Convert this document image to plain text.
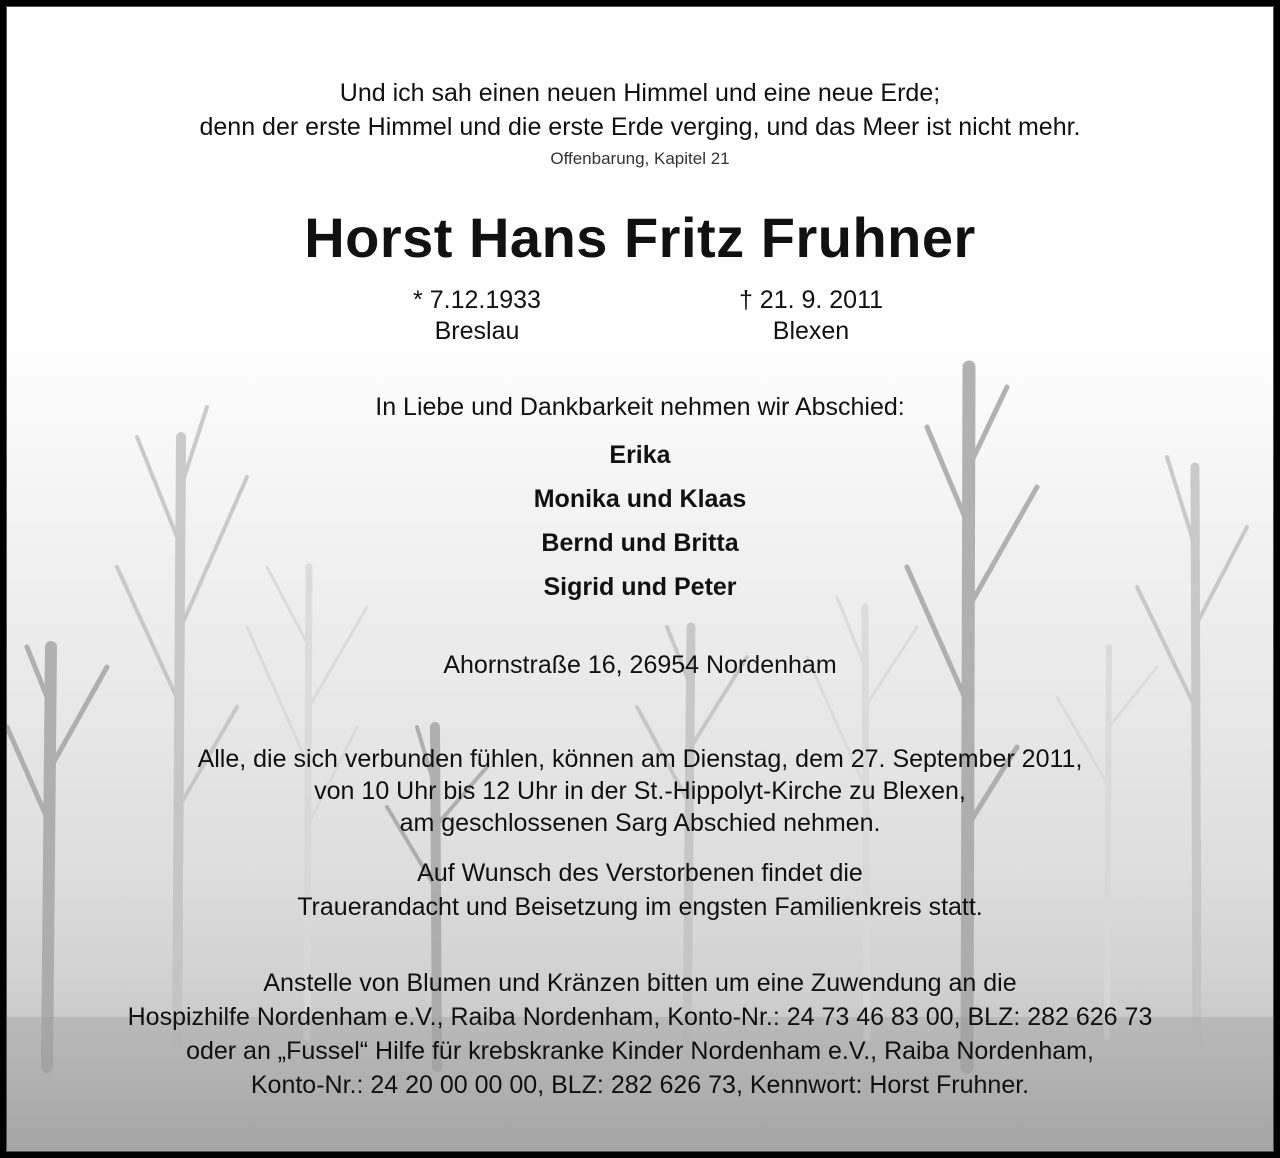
Und ich sah einen neuen Himmel und eine neue Erde;
denn der erste Himmel und die erste Erde verging, und das Meer ist nicht mehr.
Offenbarung, Kapitel 21
Horst Hans Fritz Fruhner
* 7.12.1933
Breslau
† 21. 9. 2011
Blexen
In Liebe und Dankbarkeit nehmen wir Abschied:
Erika
Monika und Klaas
Bernd und Britta
Sigrid und Peter
Ahornstraße 16, 26954 Nordenham
Alle, die sich verbunden fühlen, können am Dienstag, dem 27. September 2011,
von 10 Uhr bis 12 Uhr in der St.-Hippolyt-Kirche zu Blexen,
am geschlossenen Sarg Abschied nehmen.
Auf Wunsch des Verstorbenen findet die
Trauerandacht und Beisetzung im engsten Familienkreis statt.
Anstelle von Blumen und Kränzen bitten um eine Zuwendung an die
Hospizhilfe Nordenham e.V., Raiba Nordenham, Konto-Nr.: 24 73 46 83 00, BLZ: 282 626 73
oder an „Fussel“ Hilfe für krebskranke Kinder Nordenham e.V., Raiba Nordenham,
Konto-Nr.: 24 20 00 00 00, BLZ: 282 626 73, Kennwort: Horst Fruhner.
